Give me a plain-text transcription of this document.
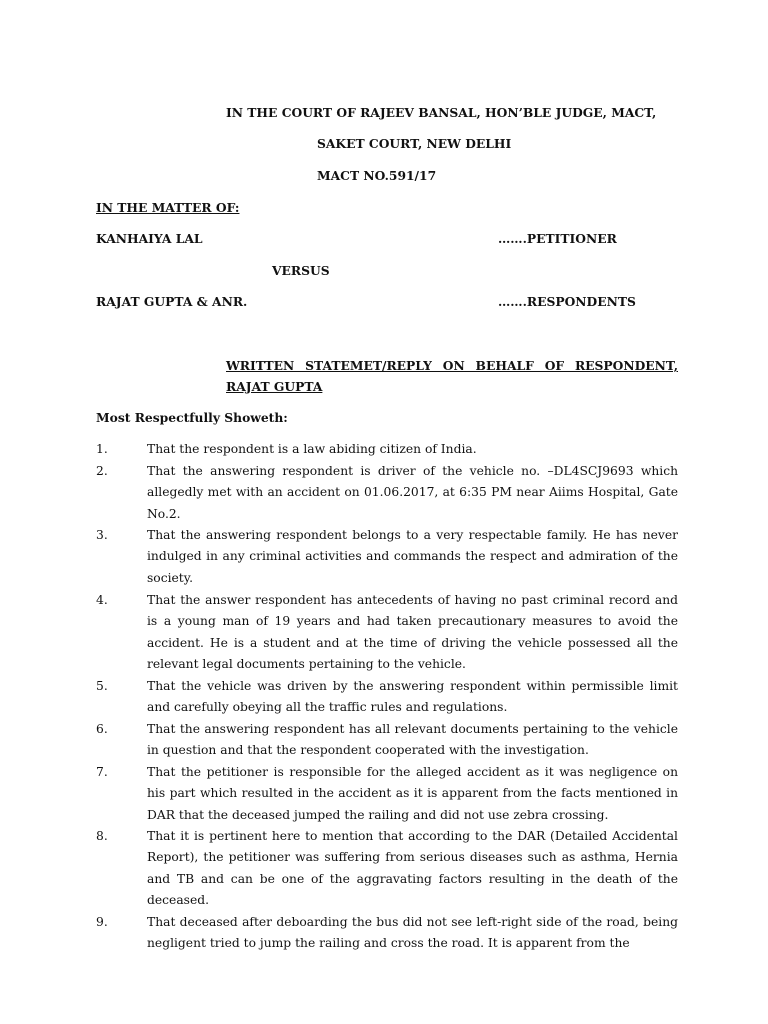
IN THE COURT OF RAJEEV BANSAL, HON’BLE JUDGE, MACT,
SAKET COURT, NEW DELHI
MACT NO.591/17
IN THE MATTER OF:
KANHAIYA LAL	…….PETITIONER
VERSUS
RAJAT GUPTA & ANR.	…….RESPONDENTS
WRITTEN STATEMET/REPLY ON BEHALF OF RESPONDENT,
RAJAT GUPTA
Most Respectfully Showeth:
1.	That the respondent is a law abiding citizen of India.
2.	That the answering respondent is driver of the vehicle no. –DL4SCJ9693 which allegedly met with an accident on 01.06.2017, at 6:35 PM near Aiims Hospital, Gate No.2.
3.	That the answering respondent belongs to a very respectable family. He has never indulged in any criminal activities and commands the respect and admiration of the society.
4.	That the answer respondent has antecedents of having no past criminal record and is a young man of 19 years and had taken precautionary measures to avoid the accident. He is a student and at the time of driving the vehicle possessed all the relevant legal documents pertaining to the vehicle.
5.	That the vehicle was driven by the answering respondent within permissible limit and carefully obeying all the traffic rules and regulations.
6.	That the answering respondent has all relevant documents pertaining to the vehicle in question and that the respondent cooperated with the investigation.
7.	That the petitioner is responsible for the alleged accident as it was negligence on his part which resulted in the accident as it is apparent from the facts mentioned in DAR that the deceased jumped the railing and did not use zebra crossing.
8.	That it is pertinent here to mention that according to the DAR (Detailed Accidental Report), the petitioner was suffering from serious diseases such as asthma, Hernia and TB and can be one of the aggravating factors resulting in the death of the deceased.
9.	That deceased after deboarding the bus did not see left-right side of the road, being negligent tried to jump the railing and cross the road. It is apparent from the
